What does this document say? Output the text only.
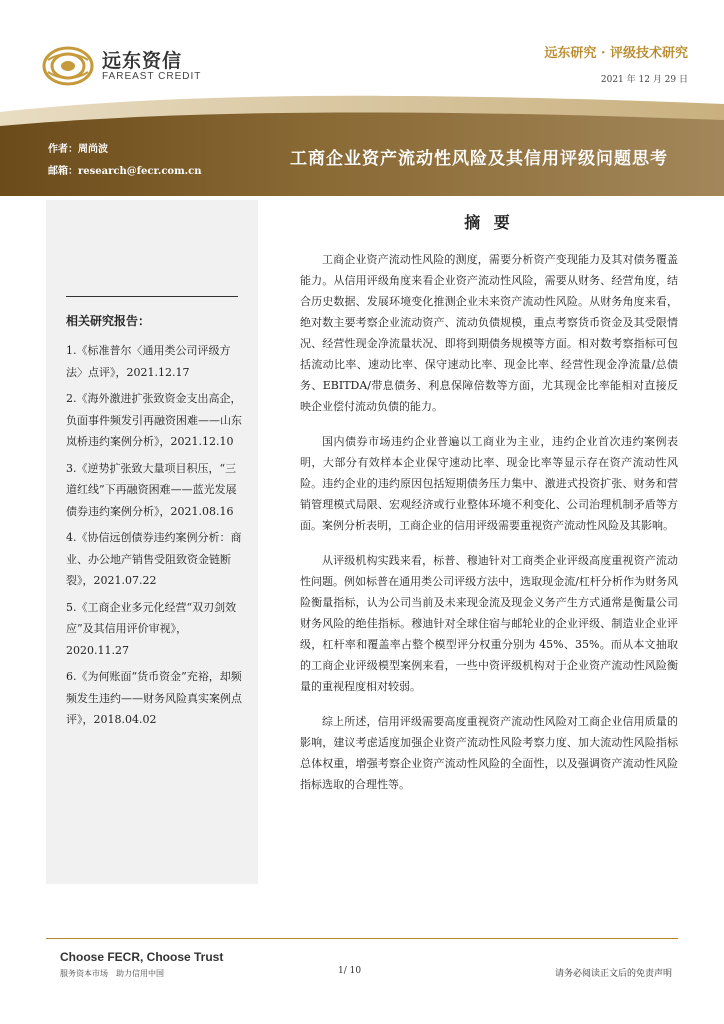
远东资信
FAREAST CREDIT
远东研究 · 评级技术研究
2021 年 12 月 29 日
作者：周尚波
邮箱：research@fecr.com.cn
工商企业资产流动性风险及其信用评级问题思考
相关研究报告：
1.《标准普尔〈通用类公司评级方法〉点评》，2021.12.17
2.《海外激进扩张致资金支出高企，负面事件频发引再融资困难——山东岚桥违约案例分析》，2021.12.10
3.《逆势扩张致大量项目积压，“三道红线”下再融资困难——蓝光发展债券违约案例分析》，2021.08.16
4.《协信远创债券违约案例分析：商业、办公地产销售受阻致资金链断裂》，2021.07.22
5.《工商企业多元化经营“双刃剑效应”及其信用评价审视》，2020.11.27
6.《为何账面“货币资金”充裕，却频频发生违约——财务风险真实案例点评》，2018.04.02
摘 要

工商企业资产流动性风险的测度，需要分析资产变现能力及其对债务覆盖能力。从信用评级角度来看企业资产流动性风险，需要从财务、经营角度，结合历史数据、发展环境变化推测企业未来资产流动性风险。从财务角度来看，绝对数主要考察企业流动资产、流动负债规模，重点考察货币资金及其受限情况、经营性现金净流量状况、即将到期债务规模等方面。相对数考察指标可包括流动比率、速动比率、保守速动比率、现金比率、经营性现金净流量/总债务、EBITDA/带息债务、利息保障倍数等方面，尤其现金比率能相对直接反映企业偿付流动负债的能力。

国内债券市场违约企业普遍以工商业为主业，违约企业首次违约案例表明，大部分有效样本企业保守速动比率、现金比率等显示存在资产流动性风险。违约企业的违约原因包括短期债务压力集中、激进式投资扩张、财务和营销管理模式局限、宏观经济或行业整体环境不利变化、公司治理机制矛盾等方面。案例分析表明，工商企业的信用评级需要重视资产流动性风险及其影响。

从评级机构实践来看，标普、穆迪针对工商类企业评级高度重视资产流动性问题。例如标普在通用类公司评级方法中，选取现金流/杠杆分析作为财务风险衡量指标，认为公司当前及未来现金流及现金义务产生方式通常是衡量公司财务风险的绝佳指标。穆迪针对全球住宿与邮轮业的企业评级、制造业企业评级，杠杆率和覆盖率占整个模型评分权重分别为 45%、35%。而从本文抽取的工商企业评级模型案例来看，一些中资评级机构对于企业资产流动性风险衡量的重视程度相对较弱。

综上所述，信用评级需要高度重视资产流动性风险对工商企业信用质量的影响，建议考虑适度加强企业资产流动性风险考察力度、加大流动性风险指标总体权重，增强考察企业资产流动性风险的全面性，以及强调资产流动性风险指标选取的合理性等。

Choose FECR, Choose Trust
服务资本市场　助力信用中国	1/ 10	请务必阅读正文后的免责声明
